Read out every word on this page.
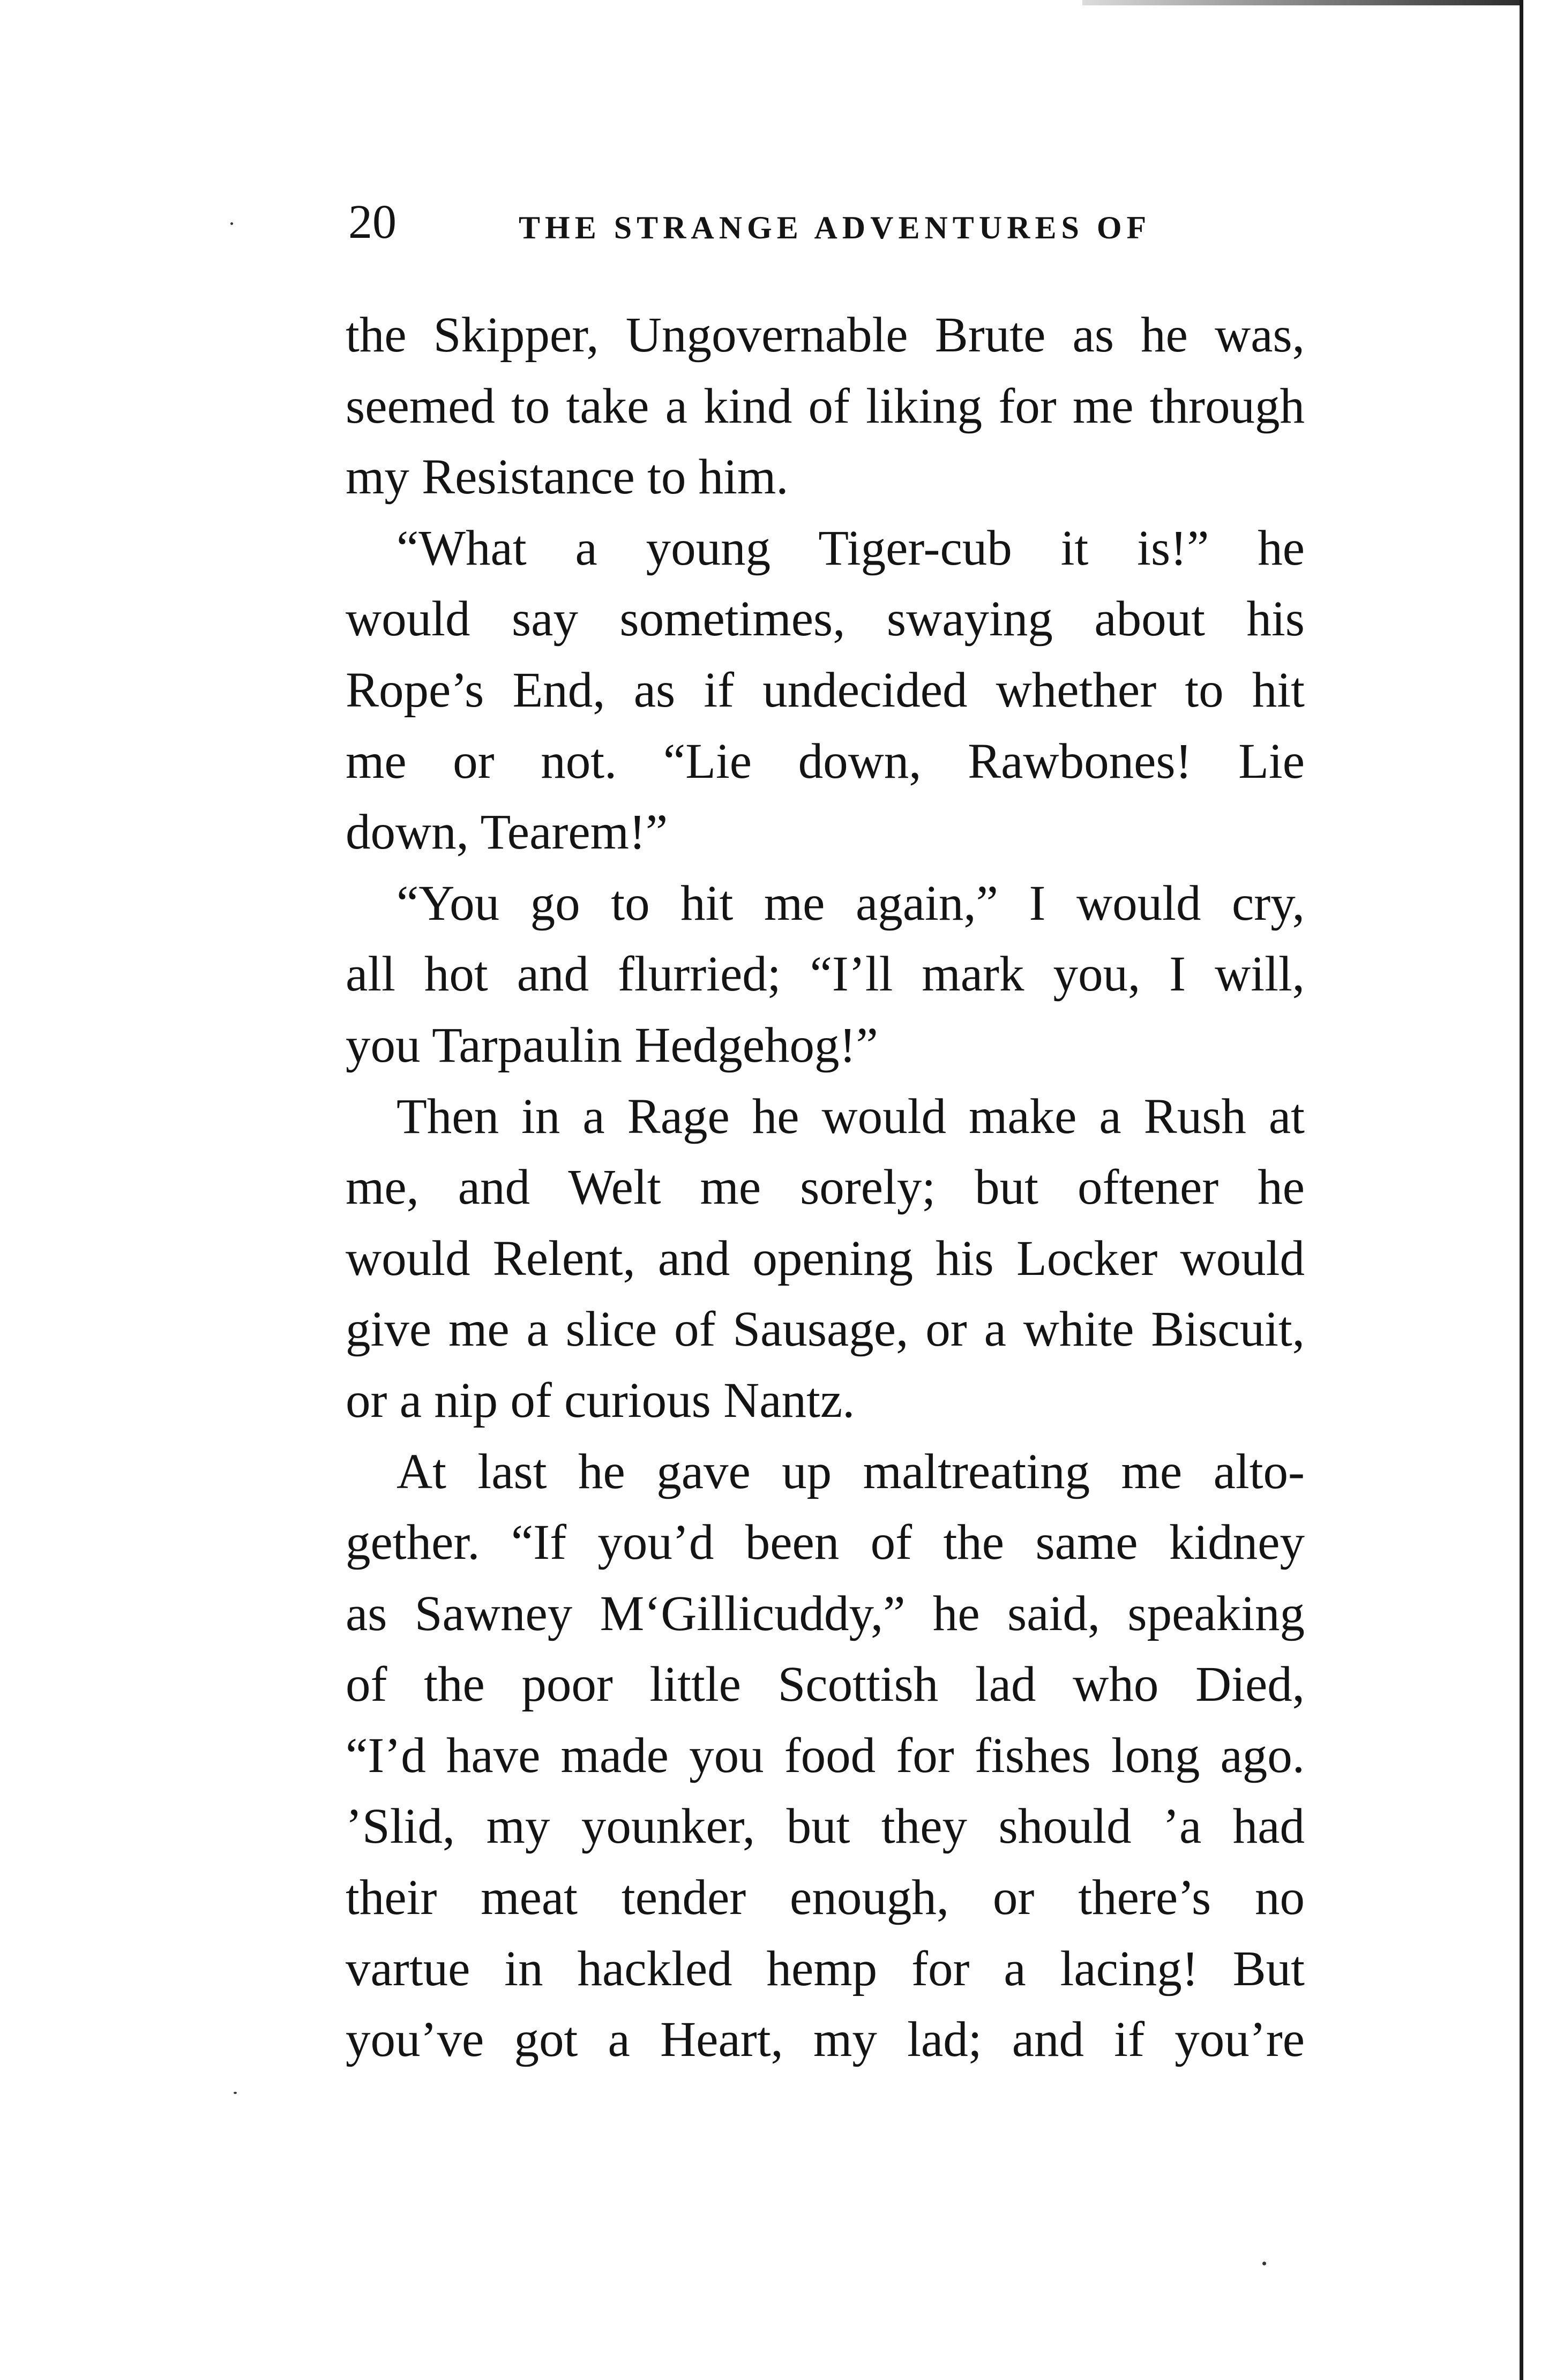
20	THE STRANGE ADVENTURES OF
the Skipper, Ungovernable Brute as he was,
seemed to take a kind of liking for me through
my Resistance to him.
“What a young Tiger-cub it is!” he
would say sometimes, swaying about his
Rope’s End, as if undecided whether to hit
me or not. “Lie down, Rawbones! Lie
down, Tearem!”
“You go to hit me again,” I would cry,
all hot and flurried; “I’ll mark you, I will,
you Tarpaulin Hedgehog!”
Then in a Rage he would make a Rush at
me, and Welt me sorely; but oftener he
would Relent, and opening his Locker would
give me a slice of Sausage, or a white Biscuit,
or a nip of curious Nantz.
At last he gave up maltreating me alto-
gether. “If you’d been of the same kidney
as Sawney M‘Gillicuddy,” he said, speaking
of the poor little Scottish lad who Died,
“I’d have made you food for fishes long ago.
’Slid, my younker, but they should ’a had
their meat tender enough, or there’s no
vartue in hackled hemp for a lacing! But
you’ve got a Heart, my lad; and if you’re
